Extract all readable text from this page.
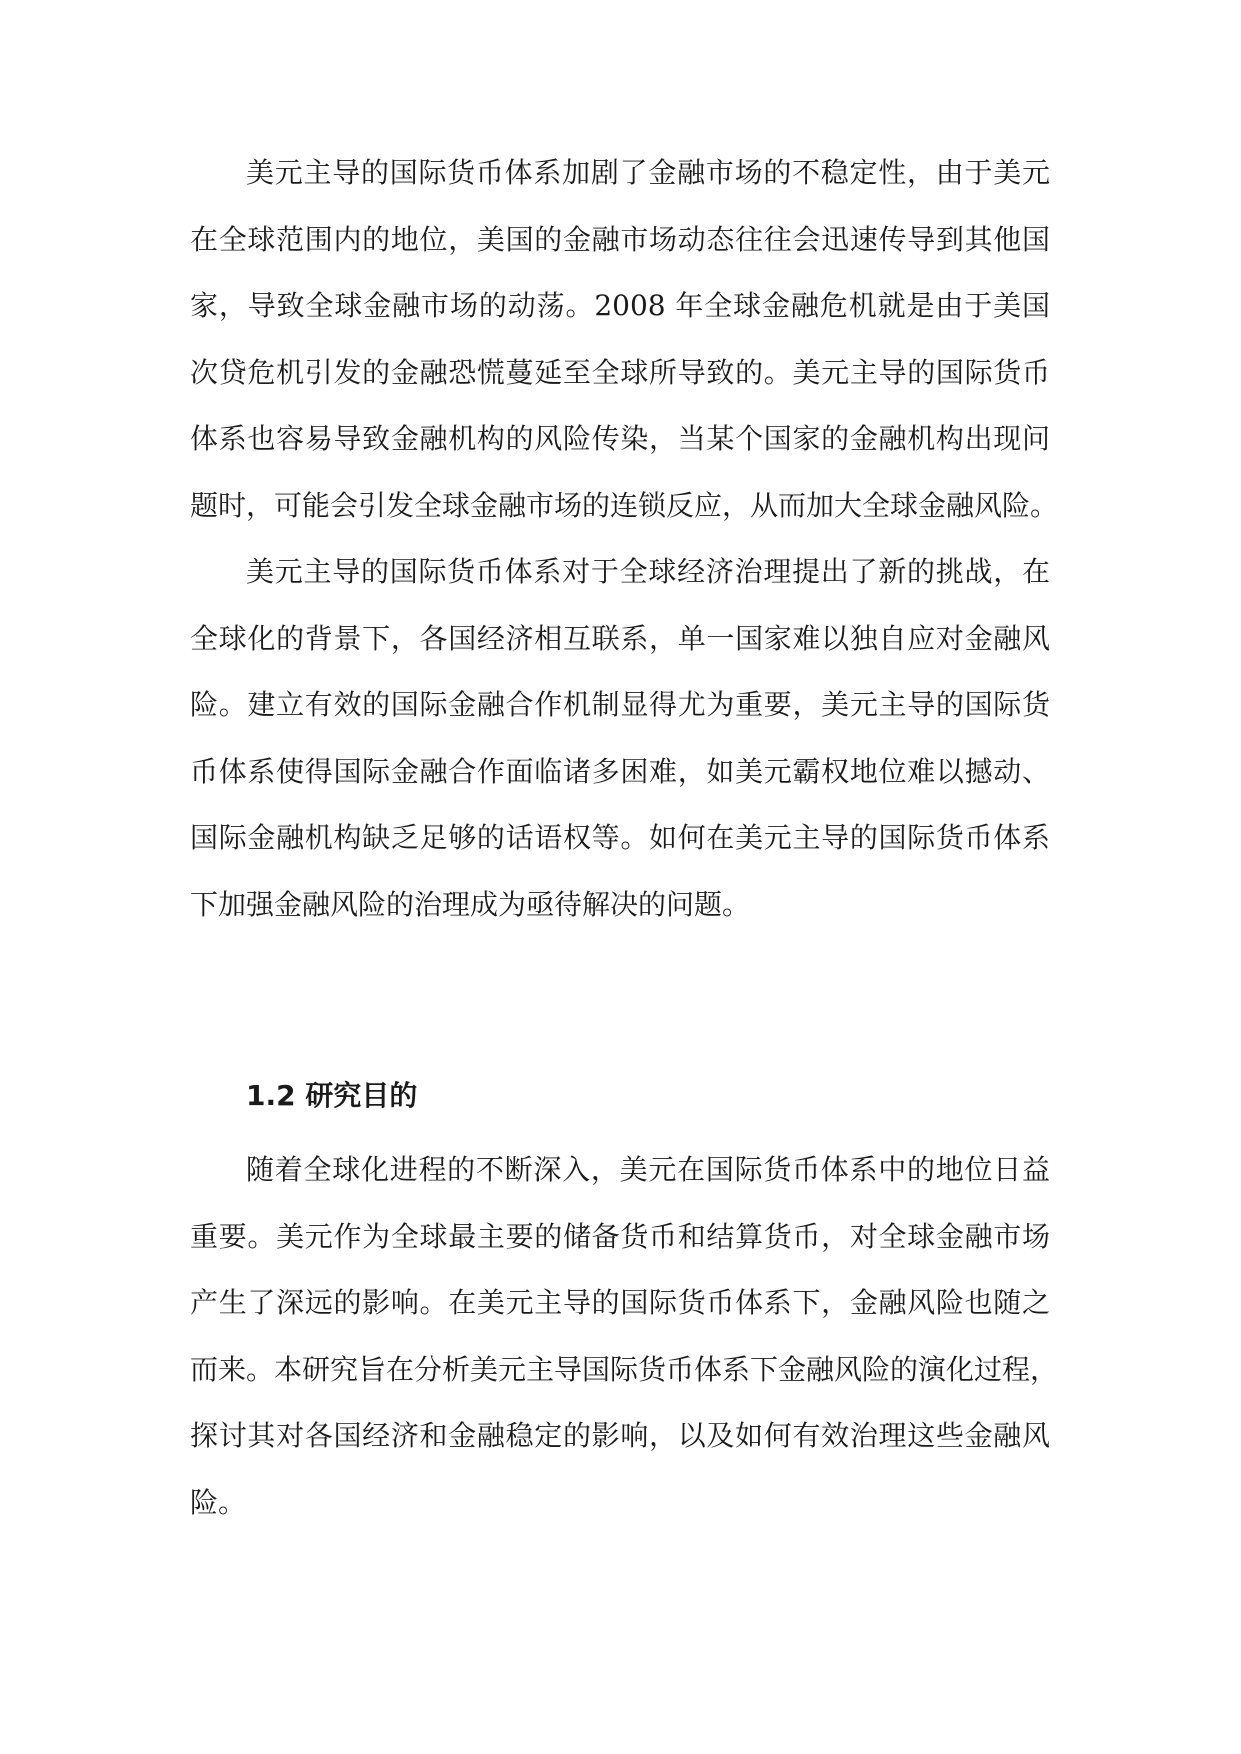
美元主导的国际货币体系加剧了金融市场的不稳定性，由于美元
在全球范围内的地位，美国的金融市场动态往往会迅速传导到其他国
家，导致全球金融市场的动荡。2008 年全球金融危机就是由于美国
次贷危机引发的金融恐慌蔓延至全球所导致的。美元主导的国际货币
体系也容易导致金融机构的风险传染，当某个国家的金融机构出现问
题时，可能会引发全球金融市场的连锁反应，从而加大全球金融风险。
美元主导的国际货币体系对于全球经济治理提出了新的挑战，在
全球化的背景下，各国经济相互联系，单一国家难以独自应对金融风
险。建立有效的国际金融合作机制显得尤为重要，美元主导的国际货
币体系使得国际金融合作面临诸多困难，如美元霸权地位难以撼动、
国际金融机构缺乏足够的话语权等。如何在美元主导的国际货币体系
下加强金融风险的治理成为亟待解决的问题。
1.2 研究目的
随着全球化进程的不断深入，美元在国际货币体系中的地位日益
重要。美元作为全球最主要的储备货币和结算货币，对全球金融市场
产生了深远的影响。在美元主导的国际货币体系下，金融风险也随之
而来。本研究旨在分析美元主导国际货币体系下金融风险的演化过程，
探讨其对各国经济和金融稳定的影响，以及如何有效治理这些金融风
险。
